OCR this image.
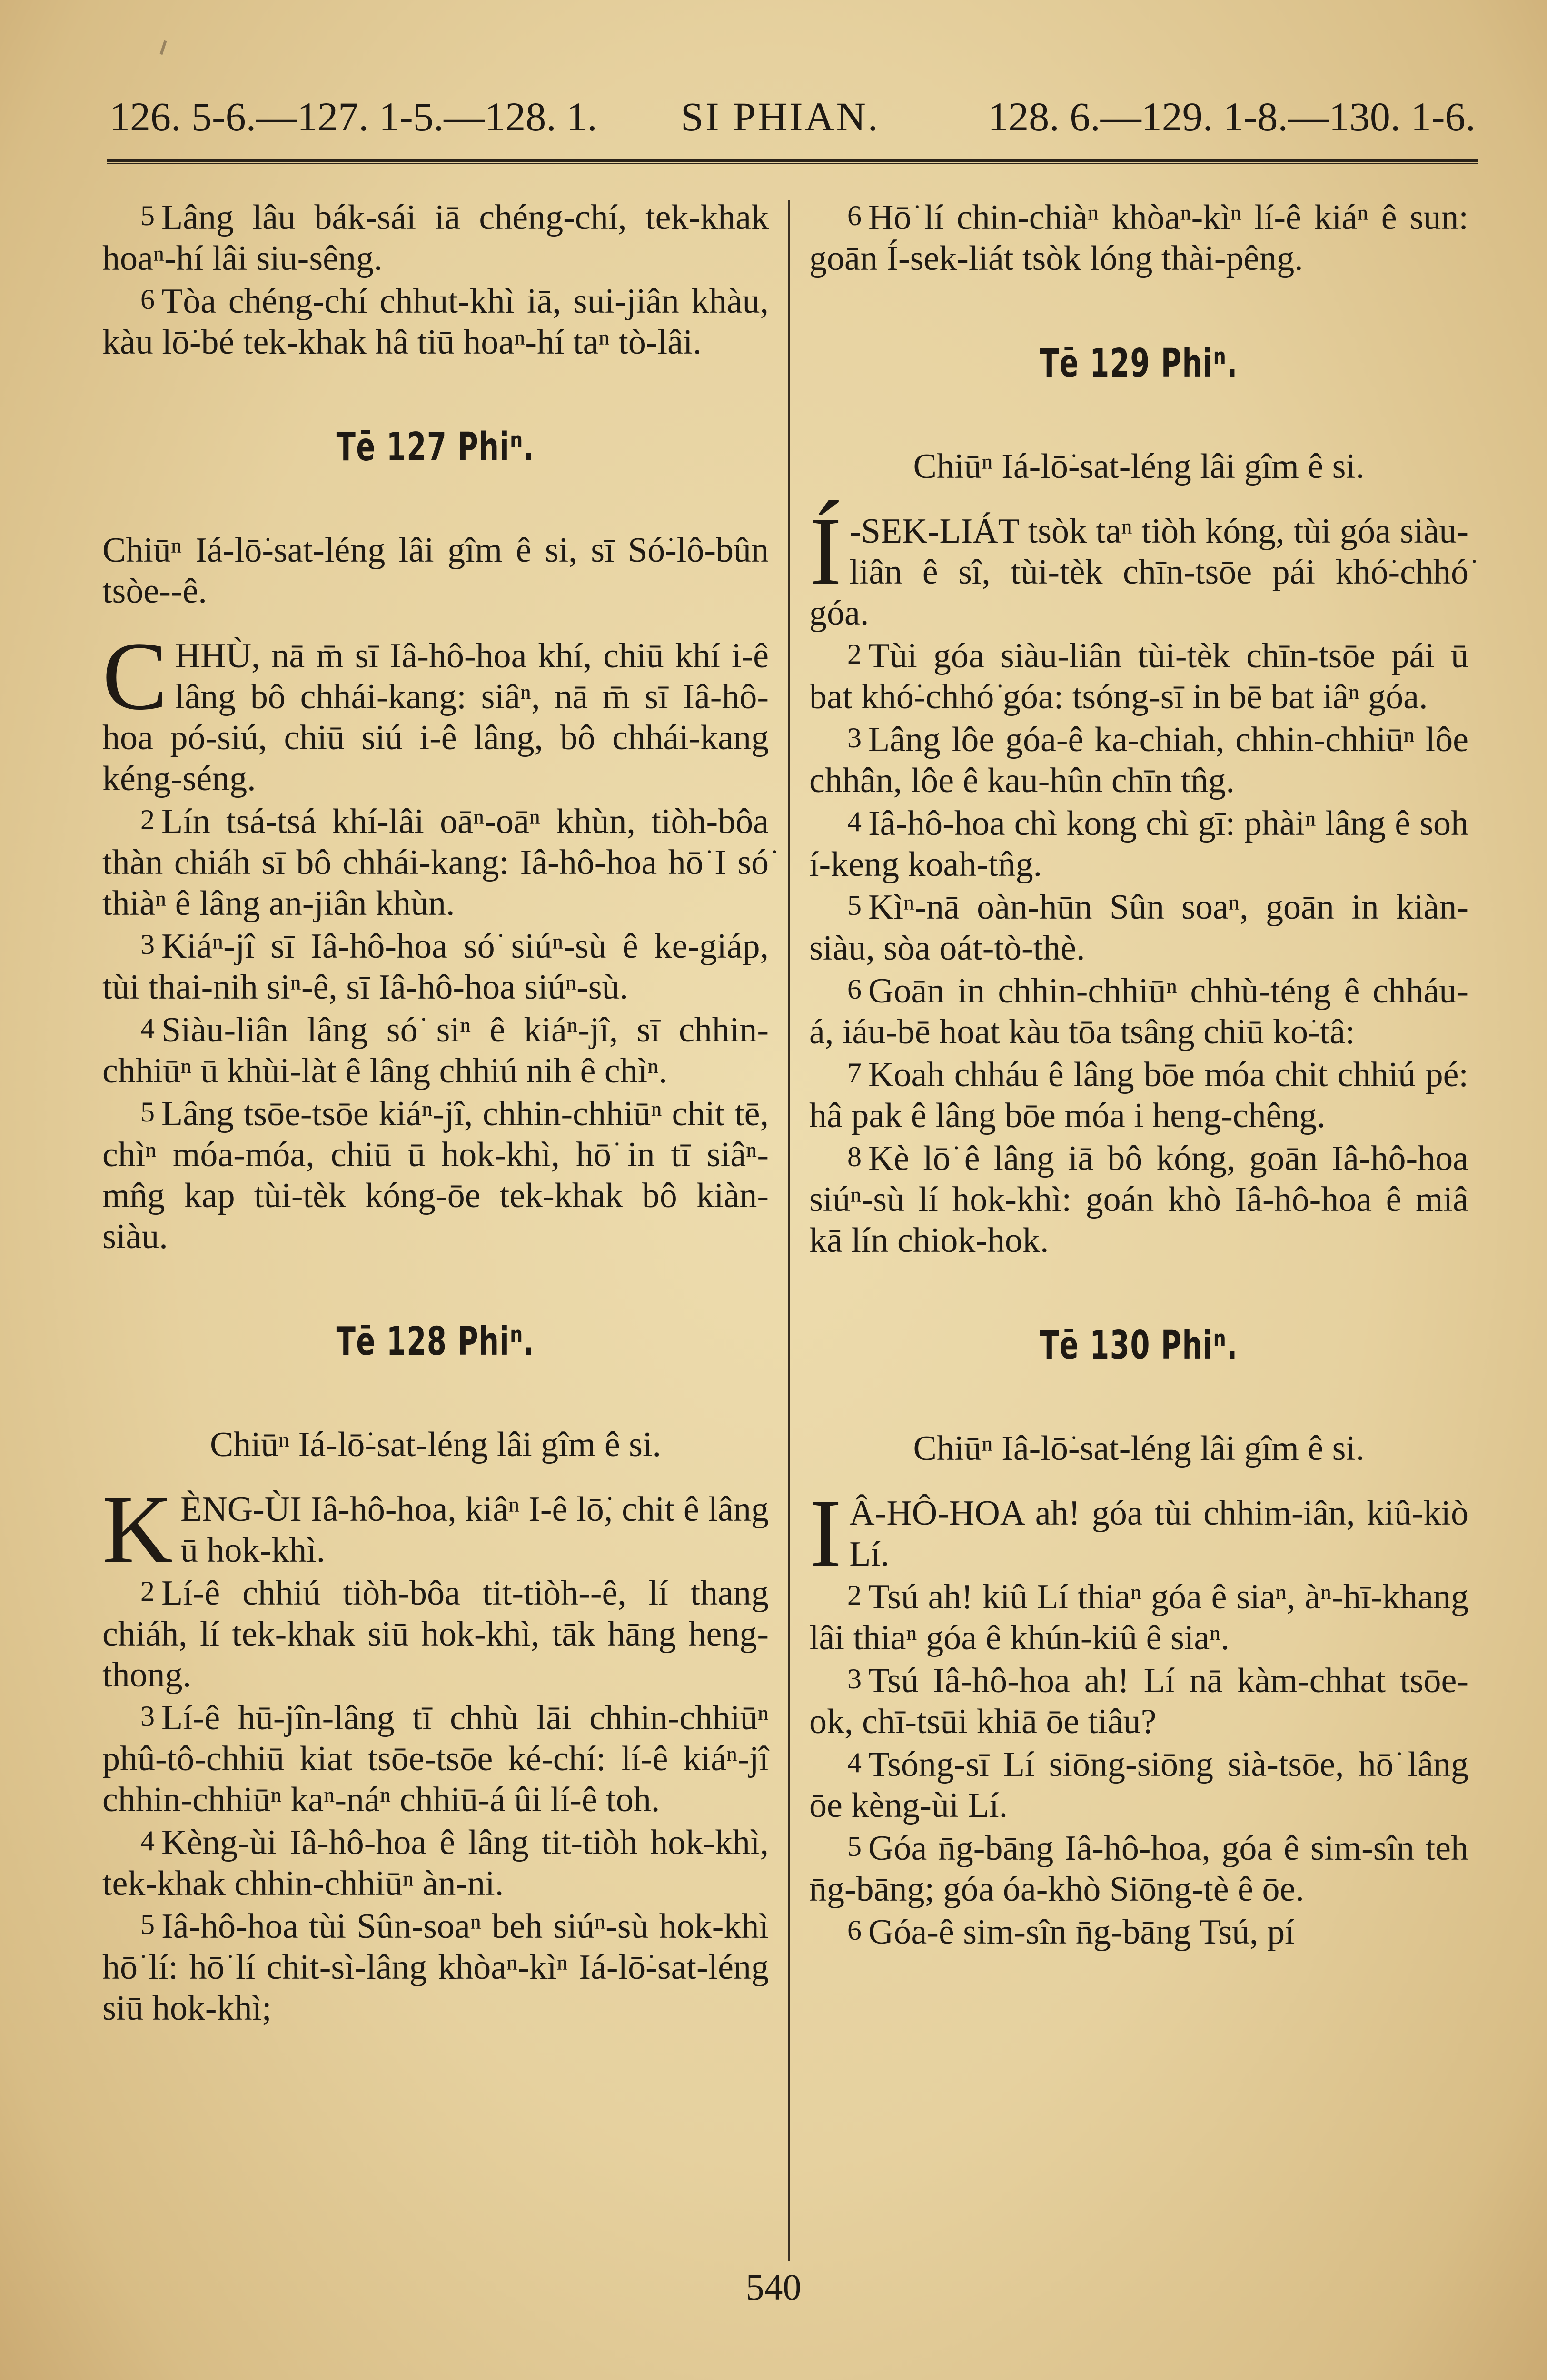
126. 5-6.—127. 1-5.—128. 1. SI PHIAN.	128. 6.—129. 1-8.—130. 1-6.

5 Lâng lâu bák-sái iā chéng-chí, tek-khak hoaⁿ-hí lâi siu-sêng.

6 Tòa chéng-chí chhut-khì iā, sui-jiân khàu, kàu lō͘-bé tek-khak hâ tiū hoaⁿ-hí taⁿ tò-lâi.

Tē 127 Phiⁿ.

Chiūⁿ Iá-lō͘-sat-léng lâi gîm ê si, sī Só͘-lô-bûn tsòe--ê.

CHHÙ, nā m̄ sī Iâ-hô-hoa khí, chiū khí i-ê lâng bô chhái-kang: siâⁿ, nā m̄ sī Iâ-hô-hoa pó-siú, chiū siú i-ê lâng, bô chhái-kang kéng-séng.

2 Lín tsá-tsá khí-lâi oāⁿ-oāⁿ khùn, tiòh-bôa thàn chiáh sī bô chhái-kang: Iâ-hô-hoa hō͘ I só͘ thiàⁿ ê lâng an-jiân khùn.

3 Kiáⁿ-jî sī Iâ-hô-hoa só͘ siúⁿ-sù ê ke-giáp, tùi thai-nih siⁿ-ê, sī Iâ-hô-hoa siúⁿ-sù.

4 Siàu-liân lâng só͘ siⁿ ê kiáⁿ-jî, sī chhin-chhiūⁿ ū khùi-làt ê lâng chhiú nih ê chìⁿ.

5 Lâng tsōe-tsōe kiáⁿ-jî, chhin-chhiūⁿ chit tē, chìⁿ móa-móa, chiū ū hok-khì, hō͘ in tī siâⁿ-mn̂g kap tùi-tèk kóng-ōe tek-khak bô kiàn-siàu.

Tē 128 Phiⁿ.

Chiūⁿ Iá-lō͘-sat-léng lâi gîm ê si.

KÈNG-ÙI Iâ-hô-hoa, kiâⁿ I-ê lō͘, chit ê lâng ū hok-khì.

2 Lí-ê chhiú tiòh-bôa tit-tiòh--ê, lí thang chiáh, lí tek-khak siū hok-khì, tāk hāng heng-thong.

3 Lí-ê hū-jîn-lâng tī chhù lāi chhin-chhiūⁿ phû-tô-chhiū kiat tsōe-tsōe ké-chí: lí-ê kiáⁿ-jî chhin-chhiūⁿ kaⁿ-náⁿ chhiū-á ûi lí-ê toh.

4 Kèng-ùi Iâ-hô-hoa ê lâng tit-tiòh hok-khì, tek-khak chhin-chhiūⁿ àn-ni.

5 Iâ-hô-hoa tùi Sûn-soaⁿ beh siúⁿ-sù hok-khì hō͘ lí: hō͘ lí chit-sì-lâng khòaⁿ-kìⁿ Iá-lō͘-sat-léng siū hok-khì;

6 Hō͘ lí chin-chiàⁿ khòaⁿ-kìⁿ lí-ê kiáⁿ ê sun: goān Í-sek-liát tsòk lóng thài-pêng.

Tē 129 Phiⁿ.

Chiūⁿ Iá-lō͘-sat-léng lâi gîm ê si.

Í -SEK-LIÁT tsòk taⁿ tiòh kóng, tùi góa siàu-liân ê sî, tùi-tèk chīn-tsōe pái khó͘-chhó͘ góa.

2 Tùi góa siàu-liân tùi-tèk chīn-tsōe pái ū bat khó͘-chhó͘ góa: tsóng-sī in bē bat iâⁿ góa.

3 Lâng lôe góa-ê ka-chiah, chhin-chhiūⁿ lôe chhân, lôe ê kau-hûn chīn tn̂g.

4 Iâ-hô-hoa chì kong chì gī: phàiⁿ lâng ê soh í-keng koah-tn̂g.

5 Kìⁿ-nā oàn-hūn Sûn soaⁿ, goān in kiàn-siàu, sòa oát-tò-thè.

6 Goān in chhin-chhiūⁿ chhù-téng ê chháu-á, iáu-bē hoat kàu tōa tsâng chiū ko͘-tâ:

7 Koah chháu ê lâng bōe móa chit chhiú pé: hâ pak ê lâng bōe móa i heng-chêng.

8 Kè lō͘ ê lâng iā bô kóng, goān Iâ-hô-hoa siúⁿ-sù lí hok-khì: goán khò Iâ-hô-hoa ê miâ kā lín chiok-hok.

Tē 130 Phiⁿ.

Chiūⁿ Iâ-lō͘-sat-léng lâi gîm ê si.

I Â-HÔ-HOA ah! góa tùi chhim-iân, kiû-kiò Lí.

2 Tsú ah! kiû Lí thiaⁿ góa ê siaⁿ, àⁿ-hī-khang lâi thiaⁿ góa ê khún-kiû ê siaⁿ.

3 Tsú Iâ-hô-hoa ah! Lí nā kàm-chhat tsōe-ok, chī-tsūi khiā ōe tiâu?

4 Tsóng-sī Lí siōng-siōng sià-tsōe, hō͘ lâng ōe kèng-ùi Lí.

5 Góa n̄g-bāng Iâ-hô-hoa, góa ê sim-sîn teh n̄g-bāng; góa óa-khò Siōng-tè ê ōe.

6 Góa-ê sim-sîn n̄g-bāng Tsú, pí

540
